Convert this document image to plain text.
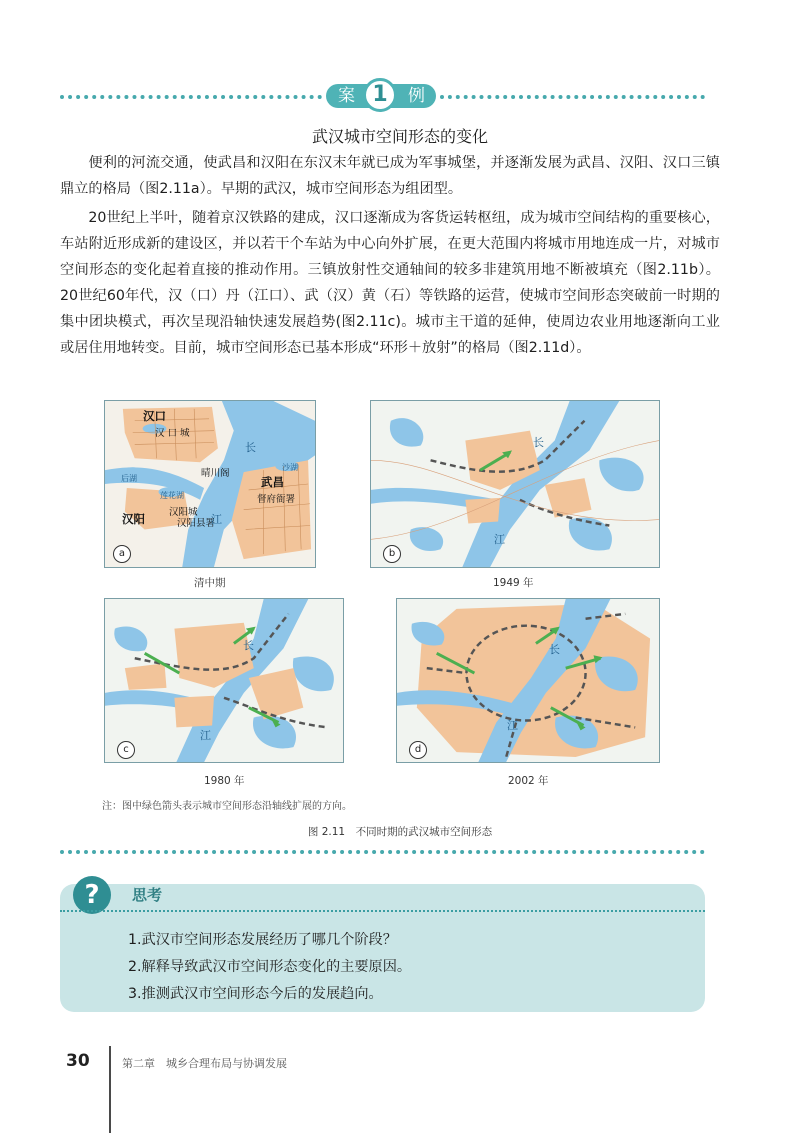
案 1	例
武汉城市空间形态的变化

便利的河流交通，使武昌和汉阳在东汉末年就已成为军事城堡，并逐渐发展为武昌、汉阳、汉口三镇鼎立的格局（图2.11a）。早期的武汉，城市空间形态为组团型。

20世纪上半叶，随着京汉铁路的建成，汉口逐渐成为客货运转枢纽，成为城市空间结构的重要核心，车站附近形成新的建设区，并以若干个车站为中心向外扩展，在更大范围内将城市用地连成一片，对城市空间形态的变化起着直接的推动作用。三镇放射性交通轴间的较多非建筑用地不断被填充（图2.11b）。20世纪60年代，汉（口）丹（江口）、武（汉）黄（石）等铁路的运营，使城市空间形态突破前一时期的集中团块模式，再次呈现沿轴快速发展趋势(图2.11c)。城市主干道的延伸，使周边农业用地逐渐向工业或居住用地转变。目前，城市空间形态已基本形成“环形＋放射”的格局（图2.11d）。

汉口
汉 口 城
晴川阁
汉阳城
汉阳县署
汉阳
武昌
督府衙署
长
江
后湖
莲花湖
沙湖
a
清中期
长
江
b
1949 年
长
江
c
1980 年
长
江
d
2002 年
注：图中绿色箭头表示城市空间形态沿轴线扩展的方向。
图 2.11　不同时期的武汉城市空间形态
?	思考
1.武汉市空间形态发展经历了哪几个阶段？
2.解释导致武汉市空间形态变化的主要原因。
3.推测武汉市空间形态今后的发展趋向。
30	第二章　城乡合理布局与协调发展
